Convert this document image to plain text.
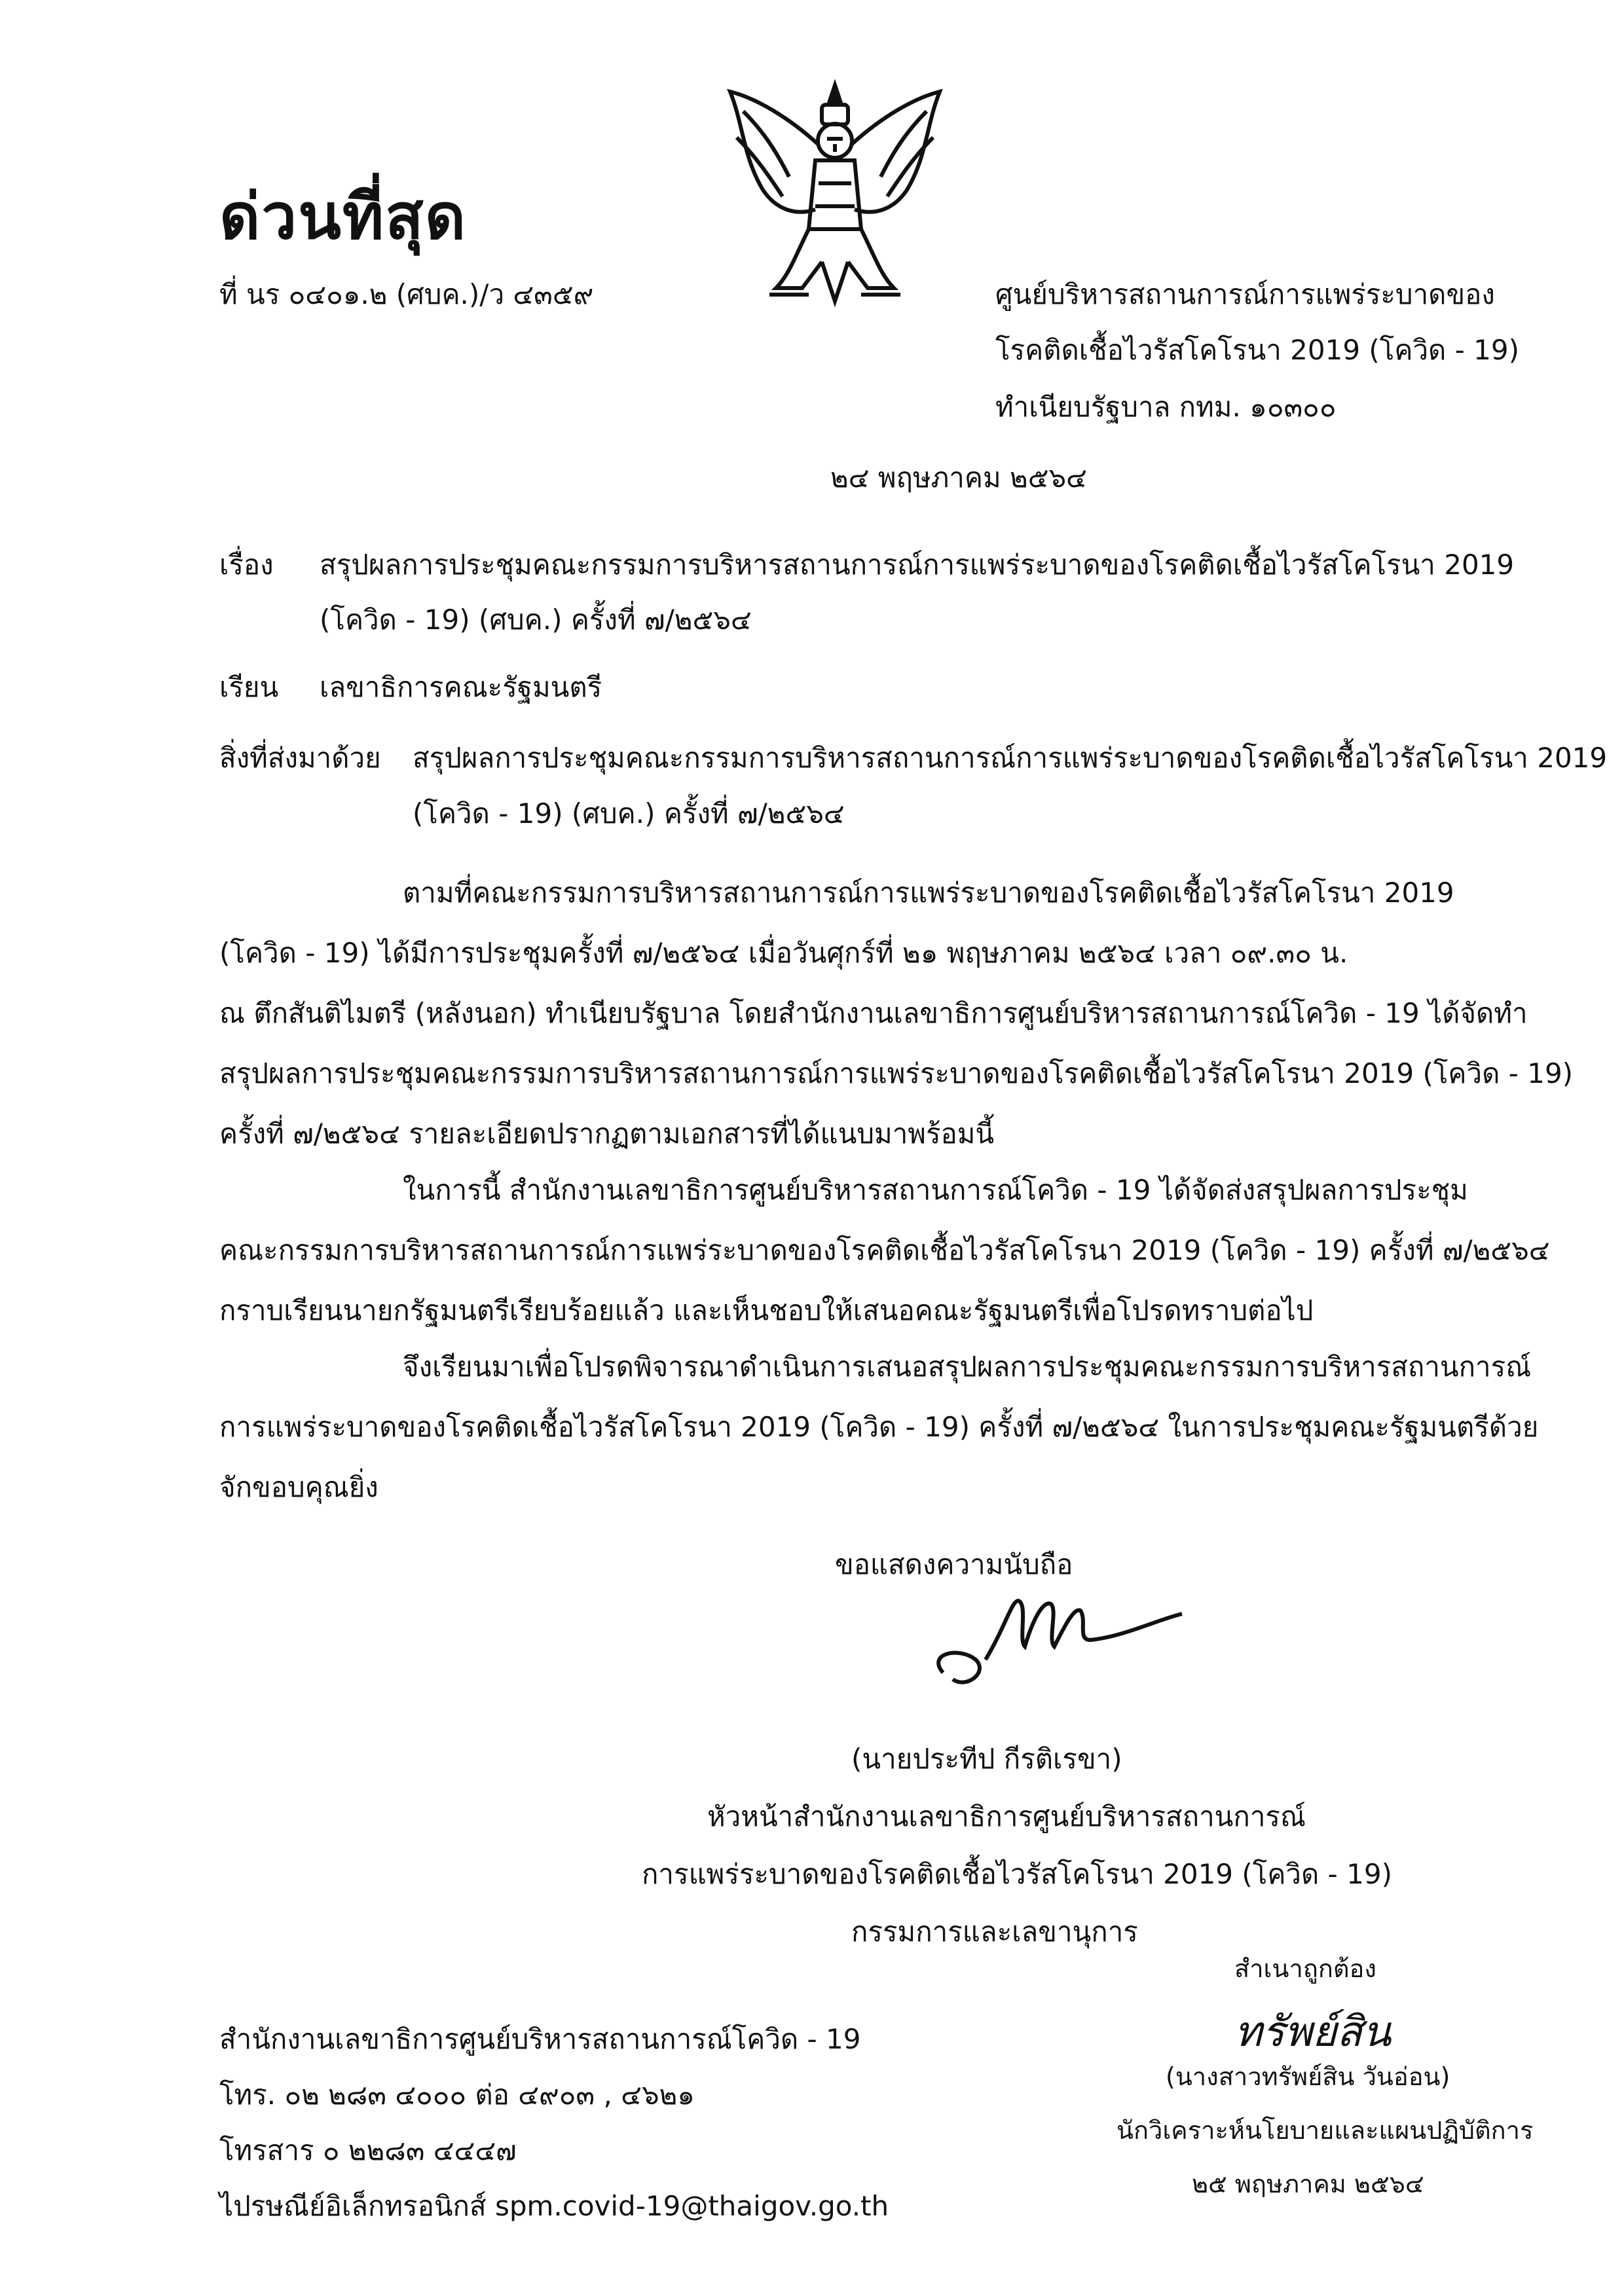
ด่วนที่สุด
ที่ นร ๐๔๐๑.๒ (ศบค.)/ว ๔๓๕๙	ศูนย์บริหารสถานการณ์การแพร่ระบาดของ
โรคติดเชื้อไวรัสโคโรนา 2019 (โควิด - 19)
ทำเนียบรัฐบาล กทม. ๑๐๓๐๐
๒๔ พฤษภาคม ๒๕๖๔
เรื่อง สรุปผลการประชุมคณะกรรมการบริหารสถานการณ์การแพร่ระบาดของโรคติดเชื้อไวรัสโคโรนา 2019
(โควิด - 19) (ศบค.) ครั้งที่ ๗/๒๕๖๔
เรียน เลขาธิการคณะรัฐมนตรี
สิ่งที่ส่งมาด้วย สรุปผลการประชุมคณะกรรมการบริหารสถานการณ์การแพร่ระบาดของโรคติดเชื้อไวรัสโคโรนา 2019
(โควิด - 19) (ศบค.) ครั้งที่ ๗/๒๕๖๔
ตามที่คณะกรรมการบริหารสถานการณ์การแพร่ระบาดของโรคติดเชื้อไวรัสโคโรนา 2019
(โควิด - 19) ได้มีการประชุมครั้งที่ ๗/๒๕๖๔ เมื่อวันศุกร์ที่ ๒๑ พฤษภาคม ๒๕๖๔ เวลา ๐๙.๓๐ น.
ณ ตึกสันติไมตรี (หลังนอก) ทำเนียบรัฐบาล โดยสำนักงานเลขาธิการศูนย์บริหารสถานการณ์โควิด - 19 ได้จัดทำ
สรุปผลการประชุมคณะกรรมการบริหารสถานการณ์การแพร่ระบาดของโรคติดเชื้อไวรัสโคโรนา 2019 (โควิด - 19)
ครั้งที่ ๗/๒๕๖๔ รายละเอียดปรากฏตามเอกสารที่ได้แนบมาพร้อมนี้
ในการนี้ สำนักงานเลขาธิการศูนย์บริหารสถานการณ์โควิด - 19 ได้จัดส่งสรุปผลการประชุม
คณะกรรมการบริหารสถานการณ์การแพร่ระบาดของโรคติดเชื้อไวรัสโคโรนา 2019 (โควิด - 19) ครั้งที่ ๗/๒๕๖๔
กราบเรียนนายกรัฐมนตรีเรียบร้อยแล้ว และเห็นชอบให้เสนอคณะรัฐมนตรีเพื่อโปรดทราบต่อไป
จึงเรียนมาเพื่อโปรดพิจารณาดำเนินการเสนอสรุปผลการประชุมคณะกรรมการบริหารสถานการณ์
การแพร่ระบาดของโรคติดเชื้อไวรัสโคโรนา 2019 (โควิด - 19) ครั้งที่ ๗/๒๕๖๔ ในการประชุมคณะรัฐมนตรีด้วย
จักขอบคุณยิ่ง
ขอแสดงความนับถือ
(นายประทีป กีรติเรขา)
หัวหน้าสำนักงานเลขาธิการศูนย์บริหารสถานการณ์
การแพร่ระบาดของโรคติดเชื้อไวรัสโคโรนา 2019 (โควิด - 19)
กรรมการและเลขานุการ
สำเนาถูกต้อง
ทรัพย์สิน
(นางสาวทรัพย์สิน วันอ่อน)
นักวิเคราะห์นโยบายและแผนปฏิบัติการ
๒๕ พฤษภาคม ๒๕๖๔
สำนักงานเลขาธิการศูนย์บริหารสถานการณ์โควิด - 19
โทร. ๐๒ ๒๘๓ ๔๐๐๐ ต่อ ๔๙๐๓ , ๔๖๒๑
โทรสาร ๐ ๒๒๘๓ ๔๔๔๗
ไปรษณีย์อิเล็กทรอนิกส์ spm.covid-19@thaigov.go.th
